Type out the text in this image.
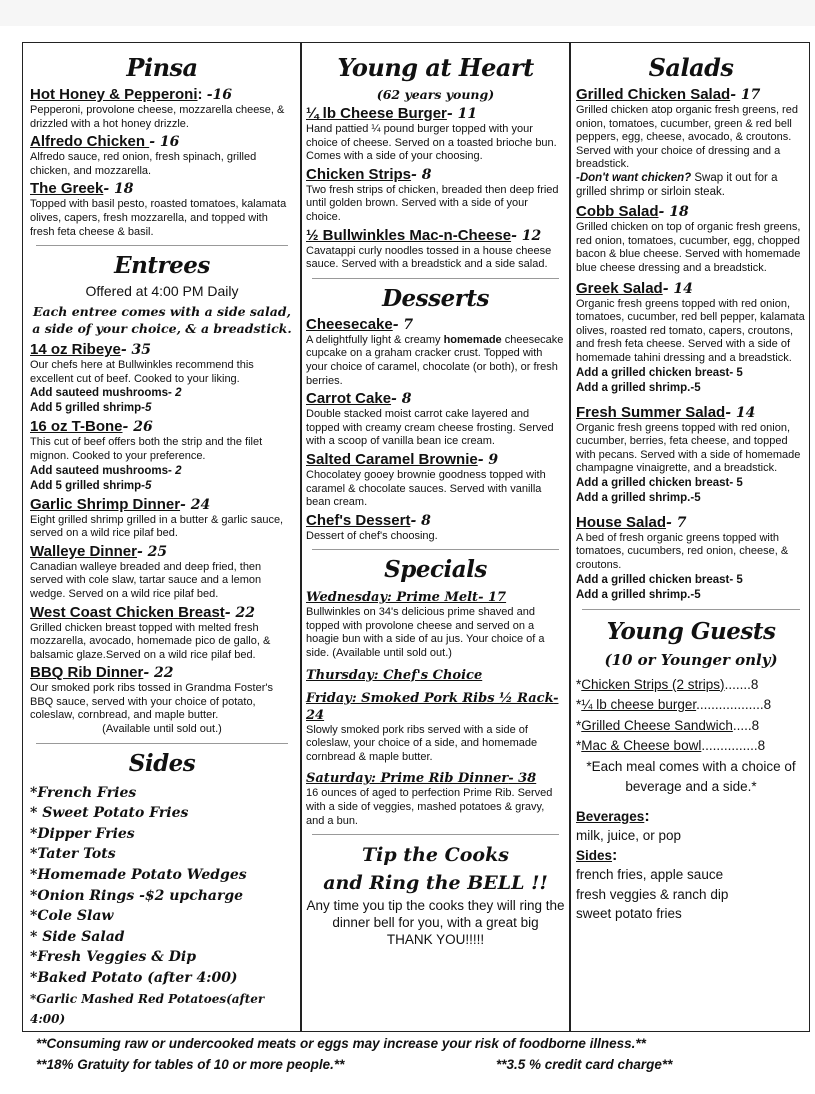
Pinsa
Hot Honey & Pepperoni: -16
Pepperoni, provolone cheese, mozzarella cheese, & drizzled with a hot honey drizzle.
Alfredo Chicken - 16
Alfredo sauce, red onion, fresh spinach, grilled chicken, and mozzarella.
The Greek- 18
Topped with basil pesto, roasted tomatoes, kalamata olives, capers, fresh mozzarella, and topped with fresh feta cheese & basil.
Entrees
Offered at 4:00 PM Daily
Each entree comes with a side salad, a side of your choice, & a breadstick.
14 oz Ribeye- 35
Our chefs here at Bullwinkles recommend this excellent cut of beef. Cooked to your liking.
Add sauteed mushrooms- 2
Add 5 grilled shrimp-5
16 oz T-Bone- 26
This cut of beef offers both the strip and the filet mignon. Cooked to your preference.
Add sauteed mushrooms- 2
Add 5 grilled shrimp-5
Garlic Shrimp Dinner- 24
Eight grilled shrimp grilled in a butter & garlic sauce, served on a wild rice pilaf bed.
Walleye Dinner- 25
Canadian walleye breaded and deep fried, then served with cole slaw, tartar sauce and a lemon wedge. Served on a wild rice pilaf bed.
West Coast Chicken Breast- 22
Grilled chicken breast topped with melted fresh mozzarella, avocado, homemade pico de gallo, & balsamic glaze.Served on a wild rice pilaf bed.
BBQ Rib Dinner- 22
Our smoked pork ribs tossed in Grandma Foster's BBQ sauce, served with your choice of potato, coleslaw, cornbread, and maple butter.
(Available until sold out.)
Sides
*French Fries
* Sweet Potato Fries
*Dipper Fries
*Tater Tots
*Homemade Potato Wedges
*Onion Rings -$2 upcharge
*Cole Slaw
* Side Salad
*Fresh Veggies & Dip
*Baked Potato (after 4:00)
*Garlic Mashed Red Potatoes(after 4:00)
Young at Heart
(62 years young)
¼ lb Cheese Burger- 11
Hand pattied ¼ pound burger topped with your choice of cheese. Served on a toasted brioche bun. Comes with a side of your choosing.
Chicken Strips- 8
Two fresh strips of chicken, breaded then deep fried until golden brown. Served with a side of your choice.
½ Bullwinkles Mac-n-Cheese- 12
Cavatappi curly noodles tossed in a house cheese sauce. Served with a breadstick and a side salad.
Desserts
Cheesecake- 7
A delightfully light & creamy homemade cheesecake cupcake on a graham cracker crust. Topped with your choice of caramel, chocolate (or both), or fresh berries.
Carrot Cake- 8
Double stacked moist carrot cake layered and topped with creamy cream cheese frosting. Served with a scoop of vanilla bean ice cream.
Salted Caramel Brownie- 9
Chocolatey gooey brownie goodness topped with caramel & chocolate sauces. Served with vanilla bean cream.
Chef's Dessert- 8
Dessert of chef's choosing.
Specials
Wednesday: Prime Melt- 17
Bullwinkles on 34's delicious prime shaved and topped with provolone cheese and served on a hoagie bun with a side of au jus. Your choice of a side. (Available until sold out.)
Thursday: Chef's Choice
Friday: Smoked Pork Ribs ½ Rack- 24
Slowly smoked pork ribs served with a side of coleslaw, your choice of a side, and homemade cornbread & maple butter.
Saturday: Prime Rib Dinner- 38
16 ounces of aged to perfection Prime Rib. Served with a side of veggies, mashed potatoes & gravy, and a bun.
Tip the Cooks
and Ring the BELL !!
Any time you tip the cooks they will ring the dinner bell for you, with a great big
THANK YOU!!!!!
Salads
Grilled Chicken Salad- 17
Grilled chicken atop organic fresh greens, red onion, tomatoes, cucumber, green & red bell peppers, egg, cheese, avocado, & croutons. Served with your choice of dressing and a breadstick.
-Don't want chicken? Swap it out for a grilled shrimp or sirloin steak.
Cobb Salad- 18
Grilled chicken on top of organic fresh greens, red onion, tomatoes, cucumber, egg, chopped bacon & blue cheese. Served with homemade blue cheese dressing and a breadstick.
Greek Salad- 14
Organic fresh greens topped with red onion, tomatoes, cucumber, red bell pepper, kalamata olives, roasted red tomato, capers, croutons, and fresh feta cheese. Served with a side of homemade tahini dressing and a breadstick.
Add a grilled chicken breast- 5
Add a grilled shrimp.-5
Fresh Summer Salad- 14
Organic fresh greens topped with red onion, cucumber, berries, feta cheese, and topped with pecans. Served with a side of homemade champagne vinaigrette, and a breadstick.
Add a grilled chicken breast- 5
Add a grilled shrimp.-5
House Salad- 7
A bed of fresh organic greens topped with tomatoes, cucumbers, red onion, cheese, & croutons.
Add a grilled chicken breast- 5
Add a grilled shrimp.-5
Young Guests
(10 or Younger only)
*Chicken Strips (2 strips).......8
*¼ lb cheese burger..................8
*Grilled Cheese Sandwich.....8
*Mac & Cheese bowl...............8
*Each meal comes with a choice of beverage and a side.*
Beverages:
milk, juice, or pop
Sides:
french fries, apple sauce
fresh veggies & ranch dip
sweet potato fries
**Consuming raw or undercooked meats or eggs may increase your risk of foodborne illness.**
**18% Gratuity for tables of 10 or more people.**	**3.5 % credit card charge**
